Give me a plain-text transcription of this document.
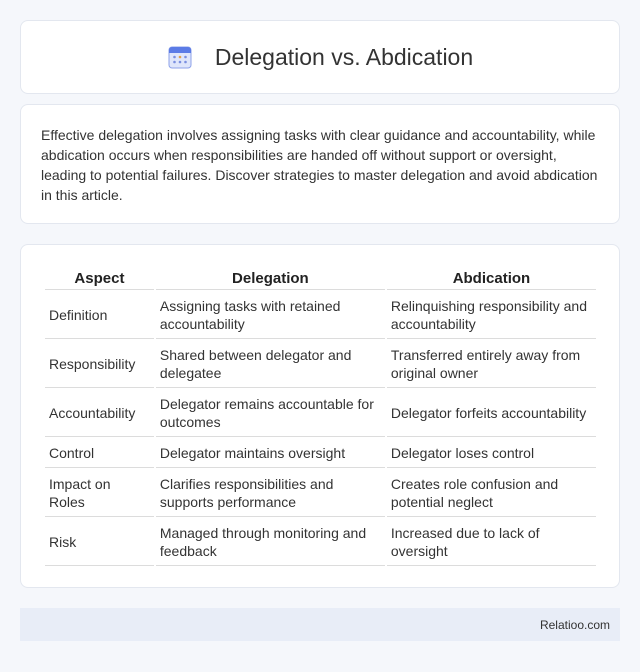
Delegation vs. Abdication

Effective delegation involves assigning tasks with clear guidance and accountability, while abdication occurs when responsibilities are handed off without support or oversight, leading to potential failures. Discover strategies to master delegation and avoid abdication in this article.

Aspect	Delegation	Abdication
Definition	Assigning tasks with retained accountability	Relinquishing responsibility and accountability
Responsibility	Shared between delegator and delegatee	Transferred entirely away from original owner
Accountability	Delegator remains accountable for outcomes	Delegator forfeits accountability
Control	Delegator maintains oversight	Delegator loses control
Impact on Roles	Clarifies responsibilities and supports performance	Creates role confusion and potential neglect
Risk	Managed through monitoring and feedback	Increased due to lack of oversight
Relatioo.com
